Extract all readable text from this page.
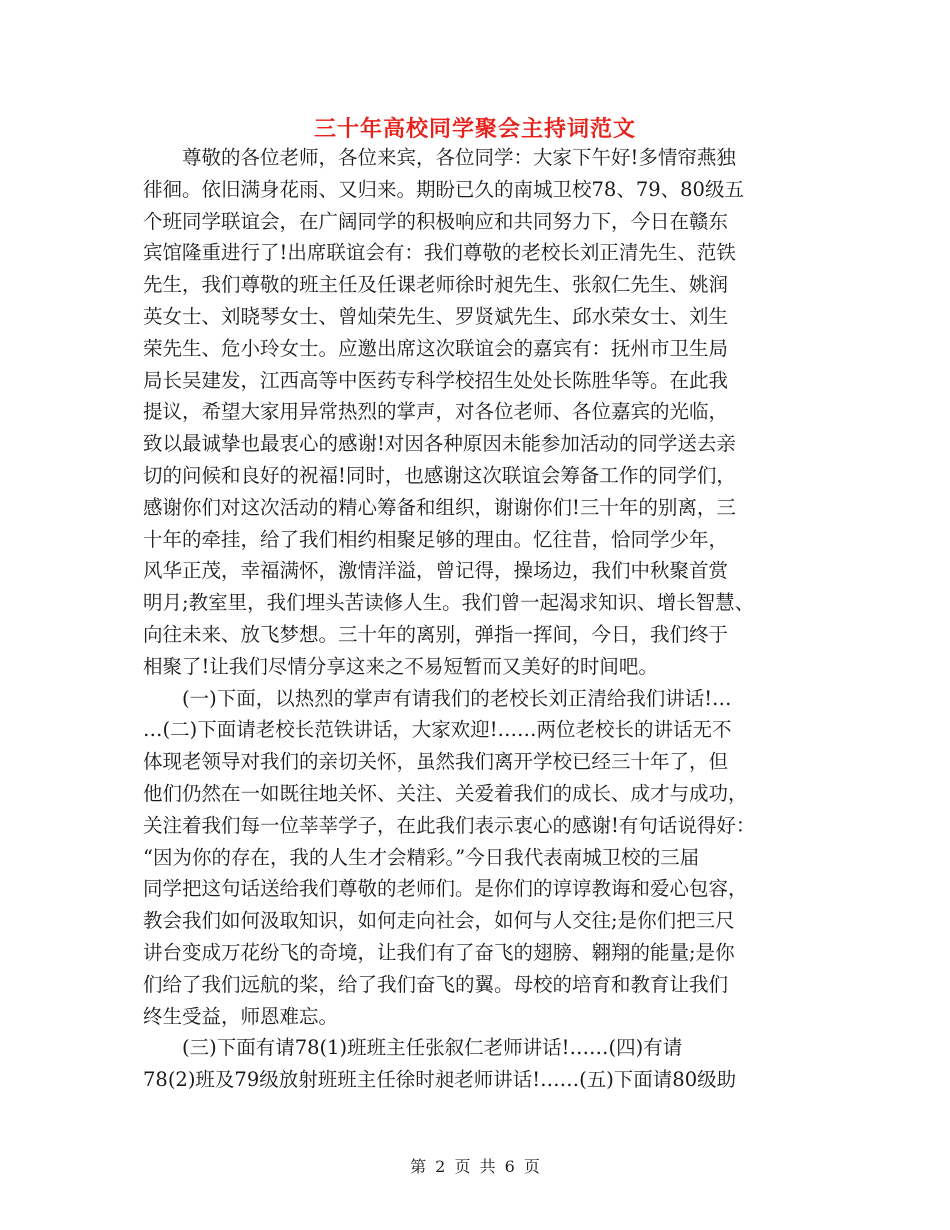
三十年高校同学聚会主持词范文
　　尊敬的各位老师，各位来宾，各位同学：大家下午好!多情帘燕独
徘徊。依旧满身花雨、又归来。期盼已久的南城卫校78、79、80级五
个班同学联谊会，在广阔同学的积极响应和共同努力下，今日在赣东
宾馆隆重进行了!出席联谊会有：我们尊敬的老校长刘正清先生、范铁
先生，我们尊敬的班主任及任课老师徐时昶先生、张叙仁先生、姚润
英女士、刘晓琴女士、曾灿荣先生、罗贤斌先生、邱水荣女士、刘生
荣先生、危小玲女士。应邀出席这次联谊会的嘉宾有：抚州市卫生局
局长吴建发，江西高等中医药专科学校招生处处长陈胜华等。在此我
提议，希望大家用异常热烈的掌声，对各位老师、各位嘉宾的光临，
致以最诚挚也最衷心的感谢!对因各种原因未能参加活动的同学送去亲
切的问候和良好的祝福!同时，也感谢这次联谊会筹备工作的同学们，
感谢你们对这次活动的精心筹备和组织，谢谢你们!三十年的别离，三
十年的牵挂，给了我们相约相聚足够的理由。忆往昔，恰同学少年，
风华正茂，幸福满怀，激情洋溢，曾记得，操场边，我们中秋聚首赏
明月;教室里，我们埋头苦读修人生。我们曾一起渴求知识、增长智慧、
向往未来、放飞梦想。三十年的离别，弹指一挥间，今日，我们终于
相聚了!让我们尽情分享这来之不易短暂而又美好的时间吧。
　　(一)下面，以热烈的掌声有请我们的老校长刘正清给我们讲话!…
…(二)下面请老校长范铁讲话，大家欢迎!……两位老校长的讲话无不
体现老领导对我们的亲切关怀，虽然我们离开学校已经三十年了，但
他们仍然在一如既往地关怀、关注、关爱着我们的成长、成才与成功，
关注着我们每一位莘莘学子，在此我们表示衷心的感谢!有句话说得好：
“因为你的存在，我的人生才会精彩。”今日我代表南城卫校的三届
同学把这句话送给我们尊敬的老师们。是你们的谆谆教诲和爱心包容，
教会我们如何汲取知识，如何走向社会，如何与人交往;是你们把三尺
讲台变成万花纷飞的奇境，让我们有了奋飞的翅膀、翱翔的能量;是你
们给了我们远航的桨，给了我们奋飞的翼。母校的培育和教育让我们
终生受益，师恩难忘。
　　(三)下面有请78(1)班班主任张叙仁老师讲话!……(四)有请
78(2)班及79级放射班班主任徐时昶老师讲话!……(五)下面请80级助
第 2 页 共 6 页
